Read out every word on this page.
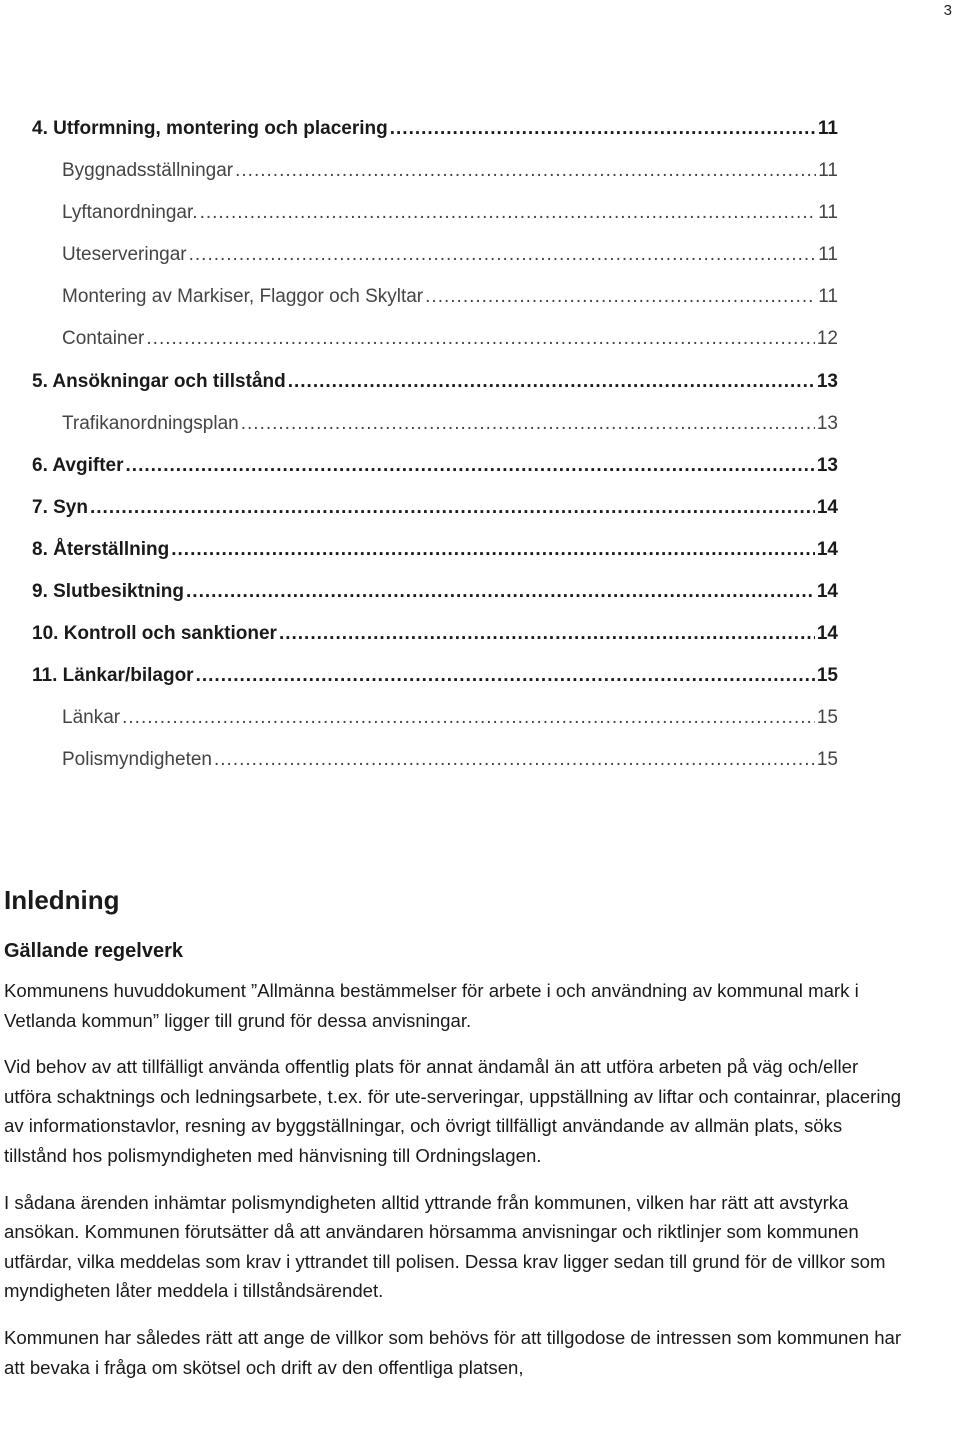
3
4. Utformning, montering och placering .....	11
Byggnadsställningar .....	11
Lyftanordningar. .....	11
Uteserveringar .....	11
Montering av Markiser, Flaggor och Skyltar .....	11
Container .....	12
5. Ansökningar och tillstånd .....	13
Trafikanordningsplan .....	13
6. Avgifter .....	13
7. Syn .....	14
8. Återställning .....	14
9. Slutbesiktning .....	14
10. Kontroll och sanktioner .....	14
11. Länkar/bilagor .....	15
Länkar .....	15
Polismyndigheten .....	15
Inledning
Gällande regelverk

Kommunens huvuddokument ”Allmänna bestämmelser för arbete i och användning av kommunal mark i Vetlanda kommun” ligger till grund för dessa anvisningar.

Vid behov av att tillfälligt använda offentlig plats för annat ändamål än att utföra arbeten på väg och/eller utföra schaktnings och ledningsarbete, t.ex. för ute-serveringar, uppställning av liftar och containrar, placering av informationstavlor, resning av byggställningar, och övrigt tillfälligt användande av allmän plats, söks tillstånd hos polismyndigheten med hänvisning till Ordningslagen.

I sådana ärenden inhämtar polismyndigheten alltid yttrande från kommunen, vilken har rätt att avstyrka ansökan. Kommunen förutsätter då att användaren hörsamma anvisningar och riktlinjer som kommunen utfärdar, vilka meddelas som krav i yttrandet till polisen. Dessa krav ligger sedan till grund för de villkor som myndigheten låter meddela i tillståndsärendet.

Kommunen har således rätt att ange de villkor som behövs för att tillgodose de intressen som kommunen har att bevaka i fråga om skötsel och drift av den offentliga platsen,
